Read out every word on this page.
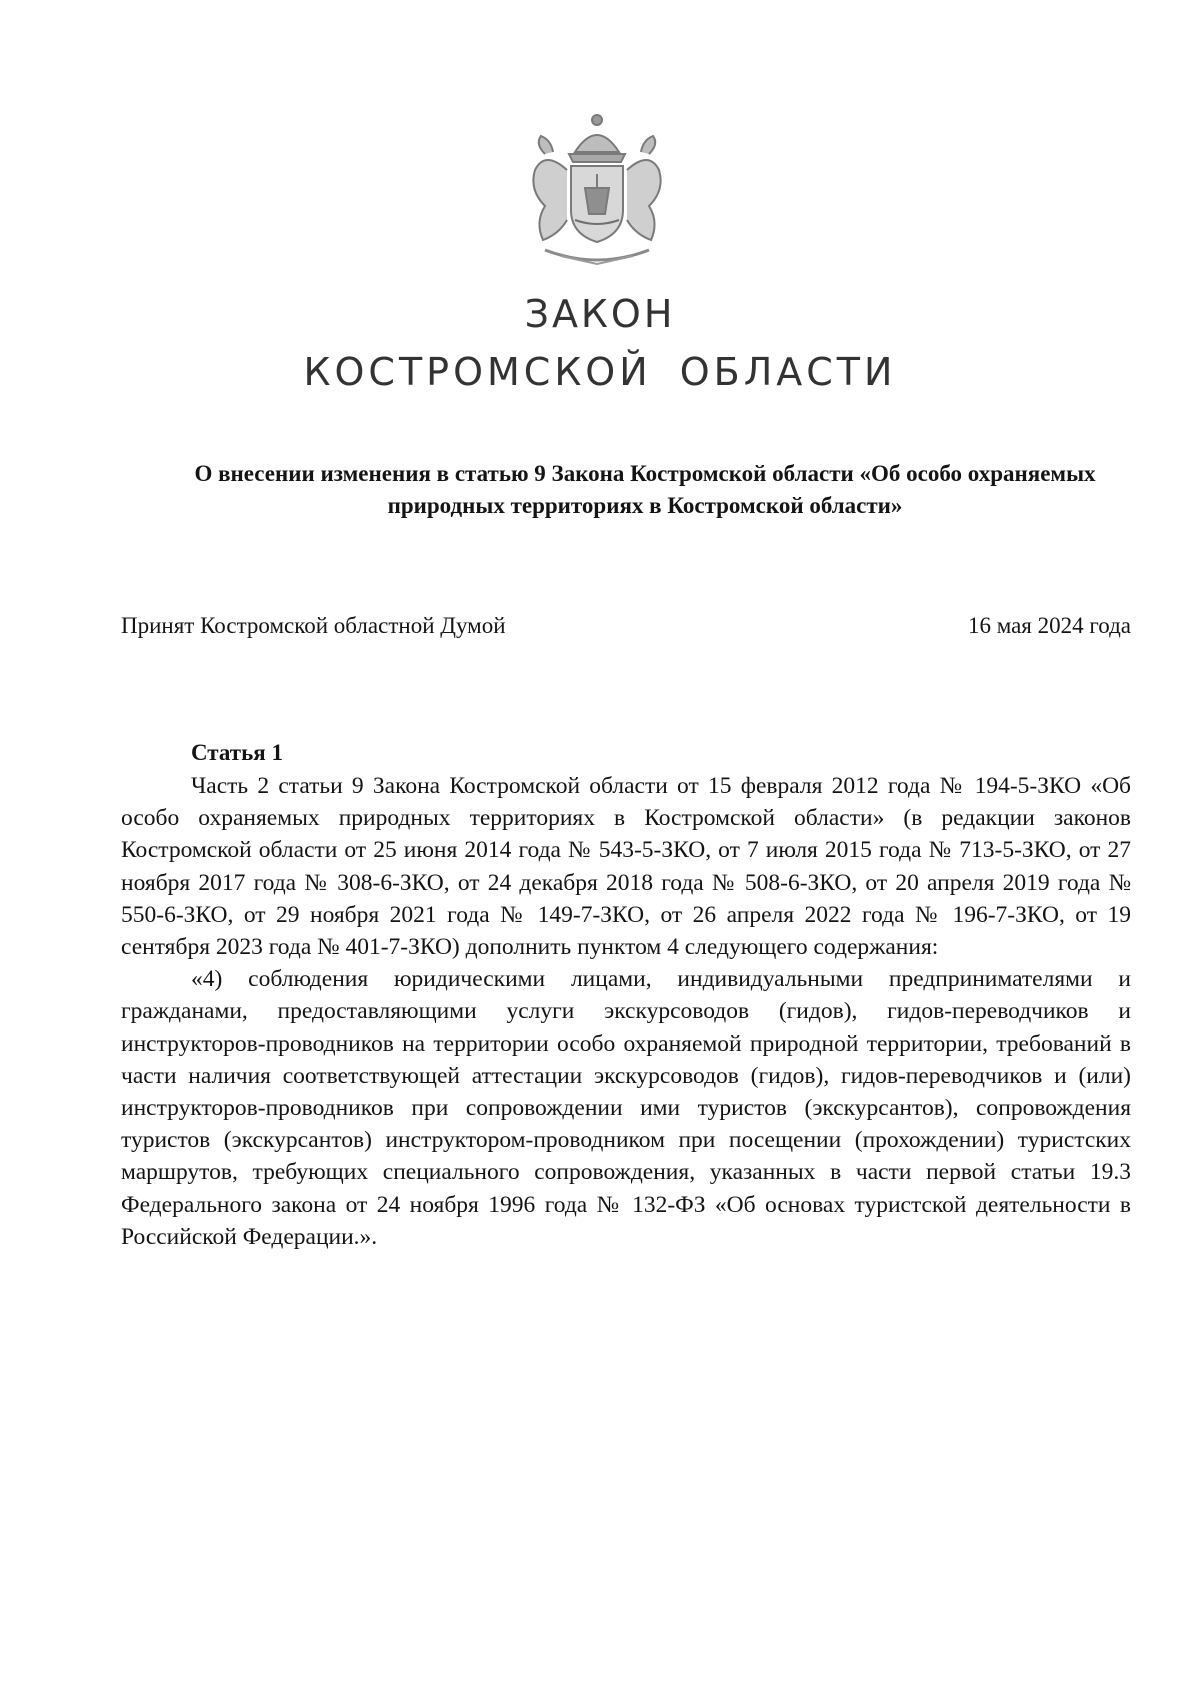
ЗАКОН
КОСТРОМСКОЙ ОБЛАСТИ
О внесении изменения в статью 9 Закона Костромской области «Об особо охраняемых природных территориях в Костромской области»
Принят Костромской областной Думой	16 мая 2024 года
Статья 1

Часть 2 статьи 9 Закона Костромской области от 15 февраля 2012 года № 194-5-ЗКО «Об особо охраняемых природных территориях в Костромской области» (в редакции законов Костромской области от 25 июня 2014 года № 543-5-ЗКО, от 7 июля 2015 года № 713-5-ЗКО, от 27 ноября 2017 года № 308-6-ЗКО, от 24 декабря 2018 года № 508-6-ЗКО, от 20 апреля 2019 года № 550-6-ЗКО, от 29 ноября 2021 года № 149-7-ЗКО, от 26 апреля 2022 года № 196-7-ЗКО, от 19 сентября 2023 года № 401-7-ЗКО) дополнить пунктом 4 следующего содержания:

«4) соблюдения юридическими лицами, индивидуальными предпринимателями и гражданами, предоставляющими услуги экскурсоводов (гидов), гидов-переводчиков и инструкторов-проводников на территории особо охраняемой природной территории, требований в части наличия соответствующей аттестации экскурсоводов (гидов), гидов-переводчиков и (или) инструкторов-проводников при сопровождении ими туристов (экскурсантов), сопровождения туристов (экскурсантов) инструктором-проводником при посещении (прохождении) туристских маршрутов, требующих специального сопровождения, указанных в части первой статьи 19.3 Федерального закона от 24 ноября 1996 года № 132-ФЗ «Об основах туристской деятельности в Российской Федерации.».
